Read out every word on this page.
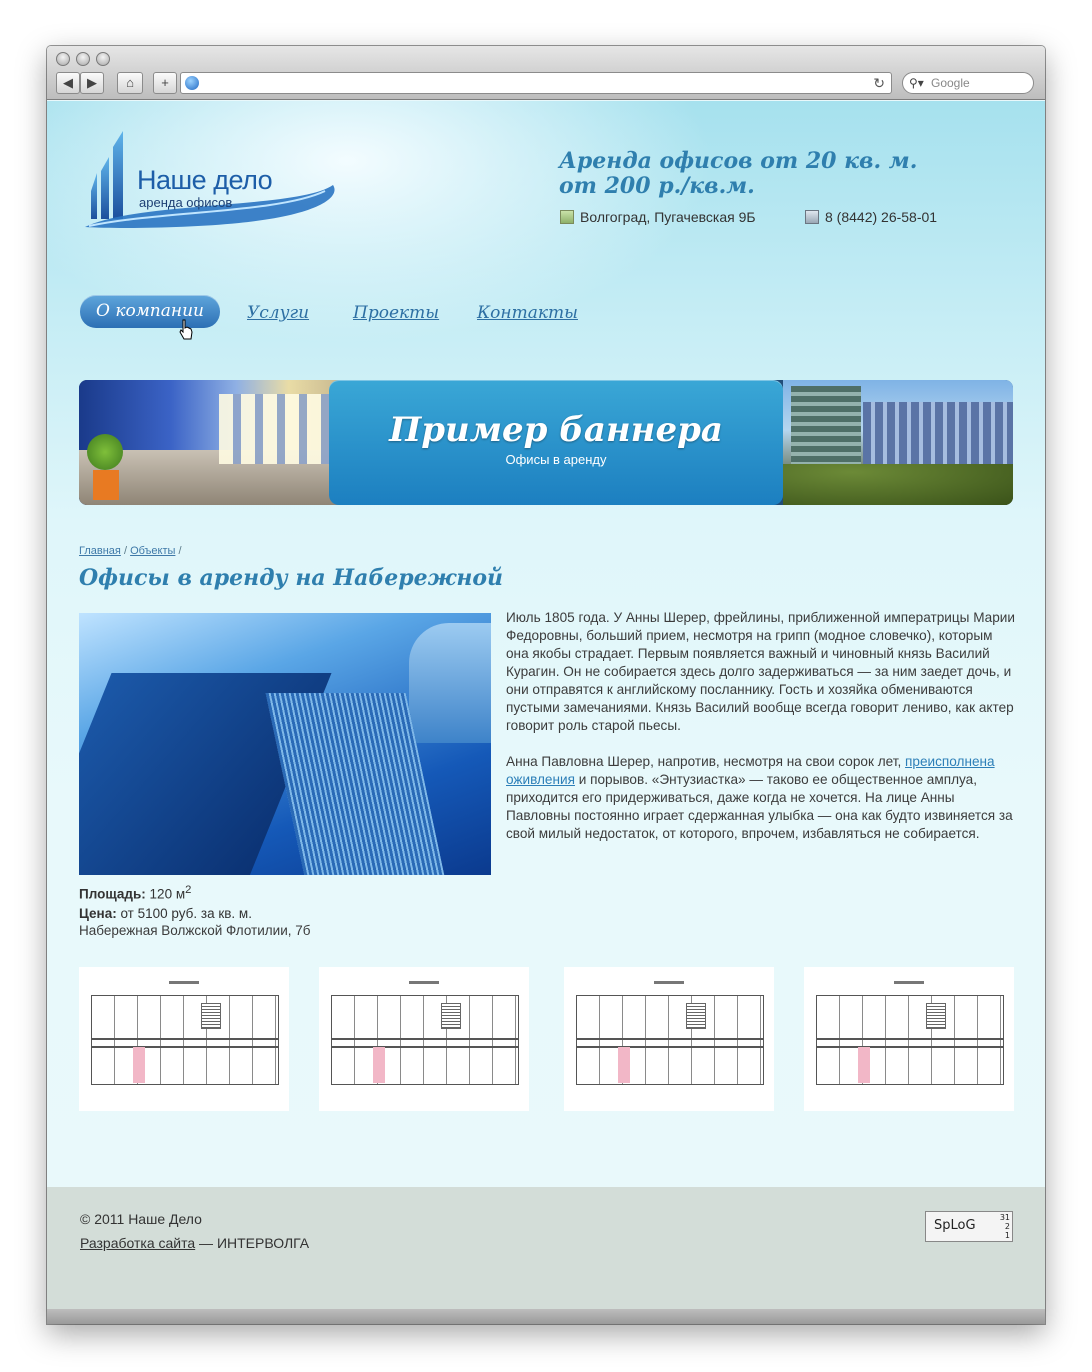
◀	▶	⌂	+	↻ ⚲▾ Google
Наше дело
аренда офисов
Аренда офисов от 20 кв. м.
от 200 р./кв.м.
Волгоград, Пугачевская 9Б	8 (8442) 26-58-01
О компании	Услуги	Проекты Контакты
Пример баннера
Офисы в аренду
Главная / Объекты /
Офисы в аренду на Набережной

Июль 1805 года. У Анны Шерер, фрейлины, приближенной императрицы Марии Федоровны, больший прием, несмотря на грипп (модное словечко), которым она якобы страдает. Первым появляется важный и чиновный князь Василий Курагин. Он не собирается здесь долго задерживаться — за ним заедет дочь, и они отправятся к английскому посланнику. Гость и хозяйка обмениваются пустыми замечаниями. Князь Василий вообще всегда говорит лениво, как актер говорит роль старой пьесы.

Анна Павловна Шерер, напротив, несмотря на свои сорок лет, преисполнена оживления и порывов. «Энтузиастка» — таково ее общественное амплуа, приходится его придерживаться, даже когда не хочется. На лице Анны Павловны постоянно играет сдержанная улыбка — она как будто извиняется за свой милый недостаток, от которого, впрочем, избавляться не собирается.

Площадь: 120 $м^2$
Цена: от 5100 руб. за кв. м.
Набережная Волжской Флотилии, 7б
© 2011 Наше Дело
Разработка сайта — ИНТЕРВОЛГА
SpLoG
31
2
1
